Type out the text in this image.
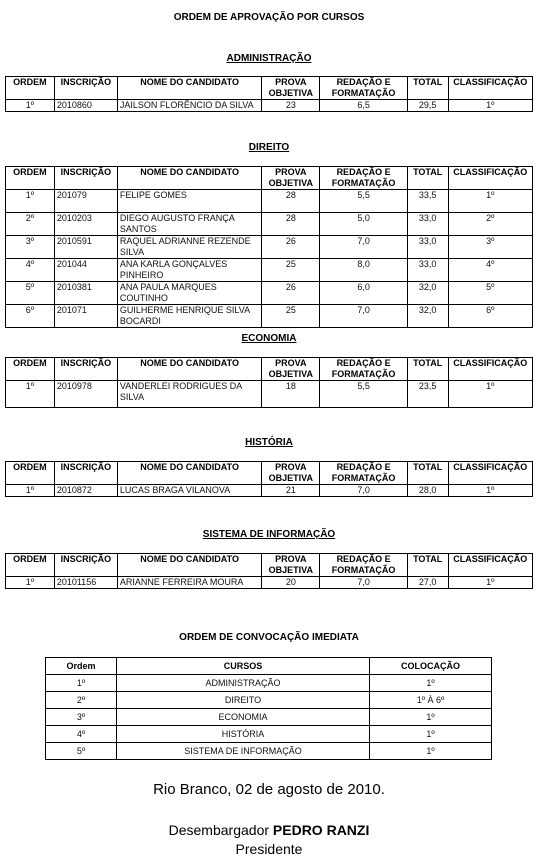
ORDEM DE APROVAÇÃO POR CURSOS
ADMINISTRAÇÃO
DIREITO
ECONOMIA
HISTÓRIA
SISTEMA DE INFORMAÇÃO
ORDEM	INSCRIÇÃO	NOME DO CANDIDATO	PROVA OBJETIVA	REDAÇÃO E FORMATAÇÃO	TOTAL	CLASSIFICAÇÃO
1º	2010860	JAILSON FLORÊNCIO DA SILVA	23	6,5	29,5	1º
ORDEM	INSCRIÇÃO	NOME DO CANDIDATO	PROVA OBJETIVA	REDAÇÃO E FORMATAÇÃO	TOTAL	CLASSIFICAÇÃO
1º	201079	FELIPE GOMES	28	5,5	33,5	1º
2º	2010203	DIEGO AUGUSTO FRANÇA SANTOS	28	5,0	33,0	2º
3º	2010591	RAQUEL ADRIANNE REZENDE SILVA	26	7,0	33,0	3º
4º	201044	ANA KARLA GONÇALVES PINHEIRO	25	8,0	33,0	4º
5º	2010381	ANA PAULA MARQUES COUTINHO	26	6,0	32,0	5º
6º	201071	GUILHERME HENRIQUE SILVA BOCARDI	25	7,0	32,0	6º
ORDEM	INSCRIÇÃO	NOME DO CANDIDATO	PROVA OBJETIVA	REDAÇÃO E FORMATAÇÃO	TOTAL	CLASSIFICAÇÃO
1º	2010978	VANDERLEI RODRIGUES DA SILVA	18	5,5	23,5	1º
ORDEM	INSCRIÇÃO	NOME DO CANDIDATO	PROVA OBJETIVA	REDAÇÃO E FORMATAÇÃO	TOTAL	CLASSIFICAÇÃO
1º	2010872	LUCAS BRAGA VILANOVA	21	7,0	28,0	1º
ORDEM	INSCRIÇÃO	NOME DO CANDIDATO	PROVA OBJETIVA	REDAÇÃO E FORMATAÇÃO	TOTAL	CLASSIFICAÇÃO
1º	20101156	ARIANNE FERREIRA MOURA	20	7,0	27,0	1º
ORDEM DE CONVOCAÇÃO IMEDIATA
Ordem	CURSOS	COLOCAÇÃO
1º	ADMINISTRAÇÃO	1º
2º	DIREITO	1º À 6º
3º	ECONOMIA	1º
4º	HISTÓRIA	1º
5º	SISTEMA DE INFORMAÇÃO	1º
Rio Branco, 02 de agosto de 2010.
Desembargador PEDRO RANZI
Presidente
